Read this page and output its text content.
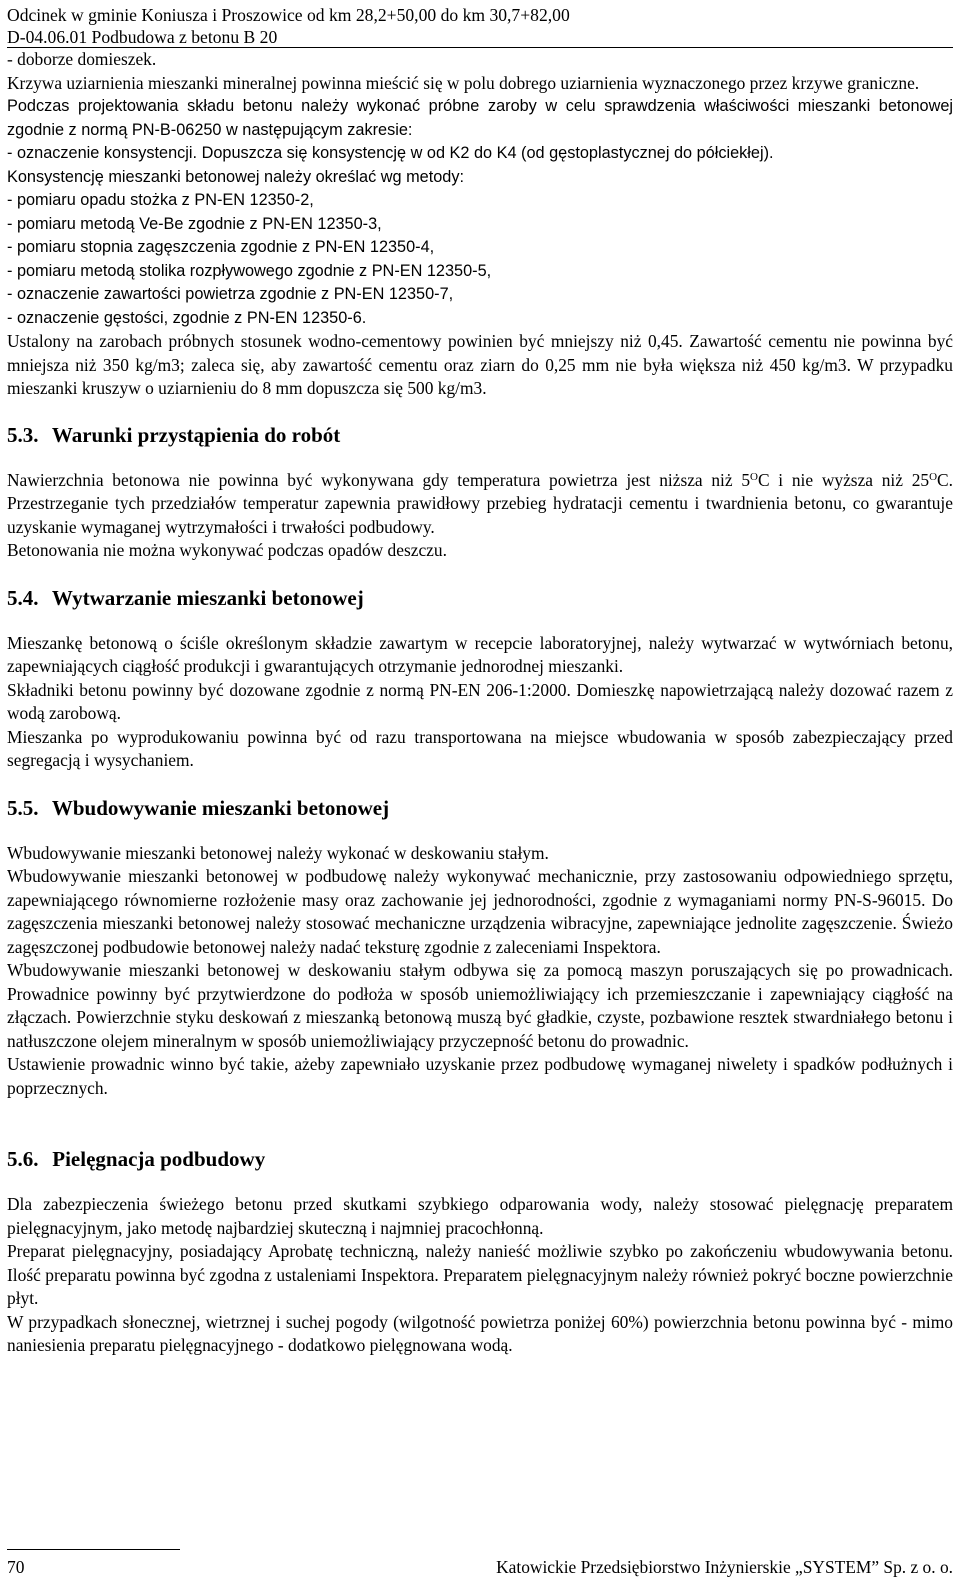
Odcinek w gminie Koniusza i Proszowice od km 28,2+50,00 do km 30,7+82,00
D-04.06.01 Podbudowa z betonu B 20

- doborze domieszek.

Krzywa uziarnienia mieszanki mineralnej powinna mieścić się w polu dobrego uziarnienia wyznaczonego przez krzywe graniczne.

Podczas projektowania składu betonu należy wykonać próbne zaroby w celu sprawdzenia właściwości mieszanki betonowej zgodnie z normą PN-B-06250 w następującym zakresie:

- oznaczenie konsystencji. Dopuszcza się konsystencję w od K2 do K4 (od gęstoplastycznej do półciekłej).

Konsystencję mieszanki betonowej należy określać wg metody:

- pomiaru opadu stożka z PN-EN 12350-2,

- pomiaru metodą Ve-Be zgodnie z PN-EN 12350-3,

- pomiaru stopnia zagęszczenia zgodnie z PN-EN 12350-4,

- pomiaru metodą stolika rozpływowego zgodnie z PN-EN 12350-5,

- oznaczenie zawartości powietrza zgodnie z PN-EN 12350-7,

- oznaczenie gęstości, zgodnie z PN-EN 12350-6.

Ustalony na zarobach próbnych stosunek wodno-cementowy powinien być mniejszy niż 0,45. Zawartość cementu nie powinna być mniejsza niż 350 kg/m3; zaleca się, aby zawartość cementu oraz ziarn do 0,25 mm nie była większa niż 450 kg/m3. W przypadku mieszanki kruszyw o uziarnieniu do 8 mm dopuszcza się 500 kg/m3.

5.3. Warunki przystąpienia do robót

Nawierzchnia betonowa nie powinna być wykonywana gdy temperatura powietrza jest niższa niż $5^OC$ i nie wyższa niż $25^OC$. Przestrzeganie tych przedziałów temperatur zapewnia prawidłowy przebieg hydratacji cementu i twardnienia betonu, co gwarantuje uzyskanie wymaganej wytrzymałości i trwałości podbudowy.

Betonowania nie można wykonywać podczas opadów deszczu.

5.4. Wytwarzanie mieszanki betonowej

Mieszankę betonową o ściśle określonym składzie zawartym w recepcie laboratoryjnej, należy wytwarzać w wytwórniach betonu, zapewniających ciągłość produkcji i gwarantujących otrzymanie jednorodnej mieszanki.

Składniki betonu powinny być dozowane zgodnie z normą PN-EN 206-1:2000. Domieszkę napowietrzającą należy dozować razem z wodą zarobową.

Mieszanka po wyprodukowaniu powinna być od razu transportowana na miejsce wbudowania w sposób zabezpieczający przed segregacją i wysychaniem.

5.5. Wbudowywanie mieszanki betonowej

Wbudowywanie mieszanki betonowej należy wykonać w deskowaniu stałym.

Wbudowywanie mieszanki betonowej w podbudowę należy wykonywać mechanicznie, przy zastosowaniu odpowiedniego sprzętu, zapewniającego równomierne rozłożenie masy oraz zachowanie jej jednorodności, zgodnie z wymaganiami normy PN-S-96015. Do zagęszczenia mieszanki betonowej należy stosować mechaniczne urządzenia wibracyjne, zapewniające jednolite zagęszczenie. Świeżo zagęszczonej podbudowie betonowej należy nadać teksturę zgodnie z zaleceniami Inspektora.

Wbudowywanie mieszanki betonowej w deskowaniu stałym odbywa się za pomocą maszyn poruszających się po prowadnicach. Prowadnice powinny być przytwierdzone do podłoża w sposób uniemożliwiający ich przemieszczanie i zapewniający ciągłość na złączach. Powierzchnie styku deskowań z mieszanką betonową muszą być gładkie, czyste, pozbawione resztek stwardniałego betonu i natłuszczone olejem mineralnym w sposób uniemożliwiający przyczepność betonu do prowadnic.

Ustawienie prowadnic winno być takie, ażeby zapewniało uzyskanie przez podbudowę wymaganej niwelety i spadków podłużnych i poprzecznych.

5.6. Pielęgnacja podbudowy

Dla zabezpieczenia świeżego betonu przed skutkami szybkiego odparowania wody, należy stosować pielęgnację preparatem pielęgnacyjnym, jako metodę najbardziej skuteczną i najmniej pracochłonną.

Preparat pielęgnacyjny, posiadający Aprobatę techniczną, należy nanieść możliwie szybko po zakończeniu wbudowywania betonu. Ilość preparatu powinna być zgodna z ustaleniami Inspektora. Preparatem pielęgnacyjnym należy również pokryć boczne powierzchnie płyt.

W przypadkach słonecznej, wietrznej i suchej pogody (wilgotność powietrza poniżej 60%) powierzchnia betonu powinna być - mimo naniesienia preparatu pielęgnacyjnego - dodatkowo pielęgnowana wodą.

70	Katowickie Przedsiębiorstwo Inżynierskie „SYSTEM” Sp. z o. o.
